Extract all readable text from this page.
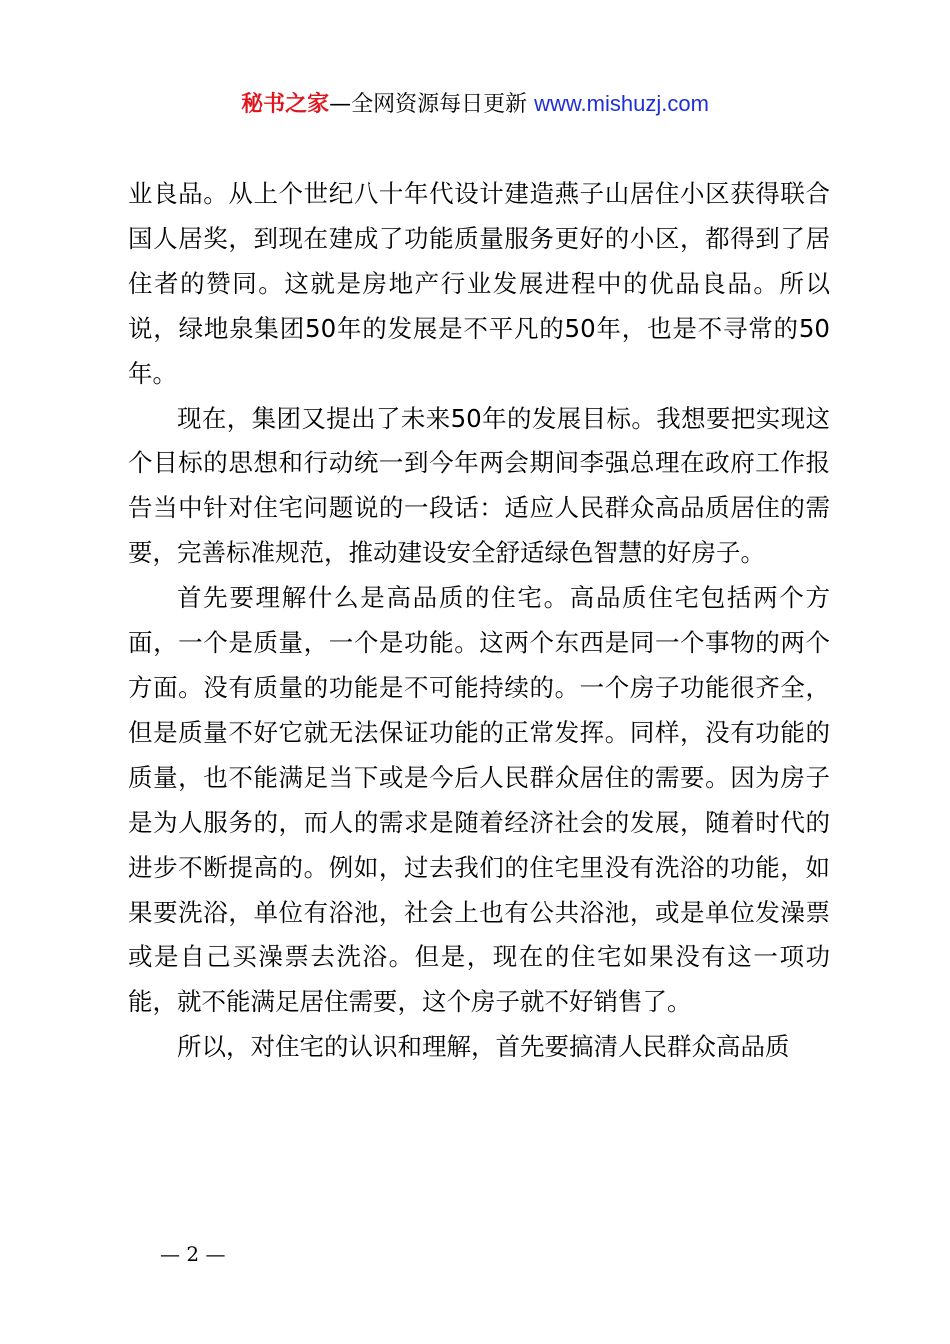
秘书之家—全网资源每日更新 www.mishuzj.com

业良品。从上个世纪八十年代设计建造燕子山居住小区获得联合国人居奖，到现在建成了功能质量服务更好的小区，都得到了居住者的赞同。这就是房地产行业发展进程中的优品良品。所以说，绿地泉集团50年的发展是不平凡的50年，也是不寻常的50年。

现在，集团又提出了未来50年的发展目标。我想要把实现这个目标的思想和行动统一到今年两会期间李强总理在政府工作报告当中针对住宅问题说的一段话：适应人民群众高品质居住的需要，完善标准规范，推动建设安全舒适绿色智慧的好房子。

首先要理解什么是高品质的住宅。高品质住宅包括两个方面，一个是质量，一个是功能。这两个东西是同一个事物的两个方面。没有质量的功能是不可能持续的。一个房子功能很齐全，但是质量不好它就无法保证功能的正常发挥。同样，没有功能的质量，也不能满足当下或是今后人民群众居住的需要。因为房子是为人服务的，而人的需求是随着经济社会的发展，随着时代的进步不断提高的。例如，过去我们的住宅里没有洗浴的功能，如果要洗浴，单位有浴池，社会上也有公共浴池，或是单位发澡票或是自己买澡票去洗浴。但是，现在的住宅如果没有这一项功能，就不能满足居住需要，这个房子就不好销售了。

所以，对住宅的认识和理解，首先要搞清人民群众高品质

— 2 —
